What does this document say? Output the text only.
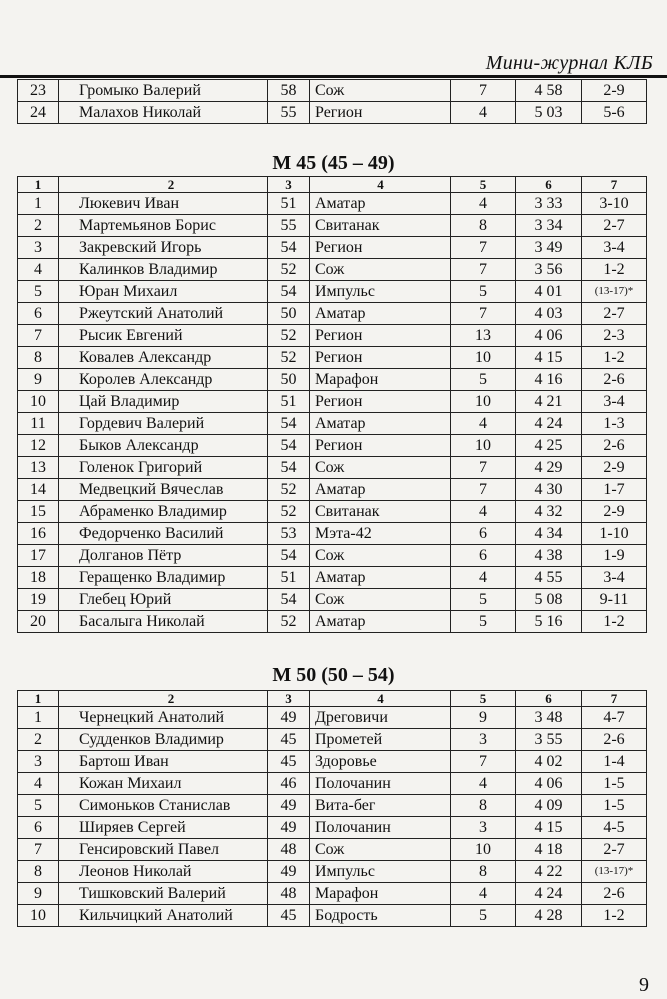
Мини-журнал КЛБ
23	Громыко Валерий	58	Сож	7	4 58	2-9
24	Малахов Николай	55	Регион	4	5 03	5-6
М 45 (45 – 49)
1	2	3	4	5	6	7
1	Люкевич Иван	51	Аматар	4	3 33	3-10
2	Мартемьянов Борис	55	Свитанак	8	3 34	2-7
3	Закревский Игорь	54	Регион	7	3 49	3-4
4	Калинков Владимир	52	Сож	7	3 56	1-2
5	Юран Михаил	54	Импульс	5	4 01	(13-17)*
6	Ржеутский Анатолий	50	Аматар	7	4 03	2-7
7	Рысик Евгений	52	Регион	13	4 06	2-3
8	Ковалев Александр	52	Регион	10	4 15	1-2
9	Королев Александр	50	Марафон	5	4 16	2-6
10	Цай Владимир	51	Регион	10	4 21	3-4
11	Гордевич Валерий	54	Аматар	4	4 24	1-3
12	Быков Александр	54	Регион	10	4 25	2-6
13	Голенок Григорий	54	Сож	7	4 29	2-9
14	Медвецкий Вячеслав	52	Аматар	7	4 30	1-7
15	Абраменко Владимир	52	Свитанак	4	4 32	2-9
16	Федорченко Василий	53	Мэта-42	6	4 34	1-10
17	Долганов Пётр	54	Сож	6	4 38	1-9
18	Геращенко Владимир	51	Аматар	4	4 55	3-4
19	Глебец Юрий	54	Сож	5	5 08	9-11
20	Басалыга Николай	52	Аматар	5	5 16	1-2
М 50 (50 – 54)
1	2	3	4	5	6	7
1	Чернецкий Анатолий	49	Дреговичи	9	3 48	4-7
2	Судденков Владимир	45	Прометей	3	3 55	2-6
3	Бартош Иван	45	Здоровье	7	4 02	1-4
4	Кожан Михаил	46	Полочанин	4	4 06	1-5
5	Симоньков Станислав	49	Вита-бег	8	4 09	1-5
6	Ширяев Сергей	49	Полочанин	3	4 15	4-5
7	Генсировский Павел	48	Сож	10	4 18	2-7
8	Леонов Николай	49	Импульс	8	4 22	(13-17)*
9	Тишковский Валерий	48	Марафон	4	4 24	2-6
10	Кильчицкий Анатолий	45	Бодрость	5	4 28	1-2
9
